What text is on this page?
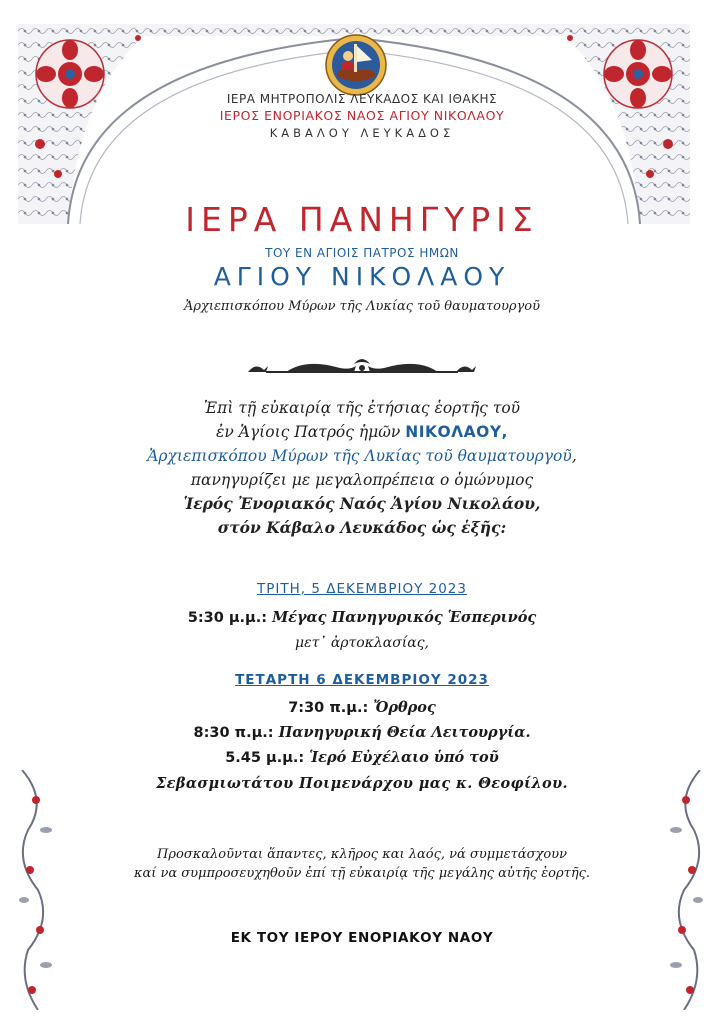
ΙΕΡΑ ΜΗΤΡΟΠΟΛΙΣ ΛΕΥΚΑΔΟΣ ΚΑΙ ΙΘΑΚΗΣ
ΙΕΡΟΣ ΕΝΟΡΙΑΚΟΣ ΝΑΟΣ ΑΓΙΟΥ ΝΙΚΟΛΑΟΥ
ΚΑΒΑΛΟΥ ΛΕΥΚΑΔΟΣ
ΙΕΡΑ ΠΑΝΗΓΥΡΙΣ
ΤΟΥ ΕΝ ΑΓΙΟΙΣ ΠΑΤΡΟΣ ΗΜΩΝ
ΑΓΙΟΥ ΝΙΚΟΛΑΟΥ
Ἀρχιεπισκόπου Μύρων τῆς Λυκίας τοῦ θαυματουργοῦ
Ἐπὶ τῇ εὐκαιρίᾳ τῆς ἐτήσιας ἑορτῆς τοῦ
ἐν Ἁγίοις Πατρός ἡμῶν ΝΙΚΟΛΑΟΥ,
Ἀρχιεπισκόπου Μύρων τῆς Λυκίας τοῦ θαυματουργοῦ,
πανηγυρίζει με μεγαλοπρέπεια ο ὁμώνυμος
Ἱερός Ἐνοριακός Ναός Ἁγίου Νικολάου,
στόν Κάβαλο Λευκάδος ὡς ἑξῆς:
ΤΡΙΤΗ, 5 ΔΕΚΕΜΒΡΙΟΥ 2023
5:30 μ.μ.: Μέγας Πανηγυρικός Ἑσπερινός
μετ᾽ ἀρτοκλασίας,
ΤΕΤΑΡΤΗ 6 ΔΕΚΕΜΒΡΙΟΥ 2023
7:30 π.μ.: Ὄρθρος
8:30 π.μ.: Πανηγυρική Θεία Λειτουργία.
5.45 μ.μ.: Ἱερό Εὐχέλαιο ὑπό τοῦ
Σεβασμιωτάτου Ποιμενάρχου μας κ. Θεοφίλου.
Προσκαλοῦνται ἅπαντες, κλῆρος και λαός, νά συμμετάσχουν
καί να συμπροσευχηθοῦν ἐπί τῇ εὐκαιρίᾳ τῆς μεγάλης αὐτῆς ἑορτῆς.
ΕΚ ΤΟΥ ΙΕΡΟΥ ΕΝΟΡΙΑΚΟΥ ΝΑΟΥ
